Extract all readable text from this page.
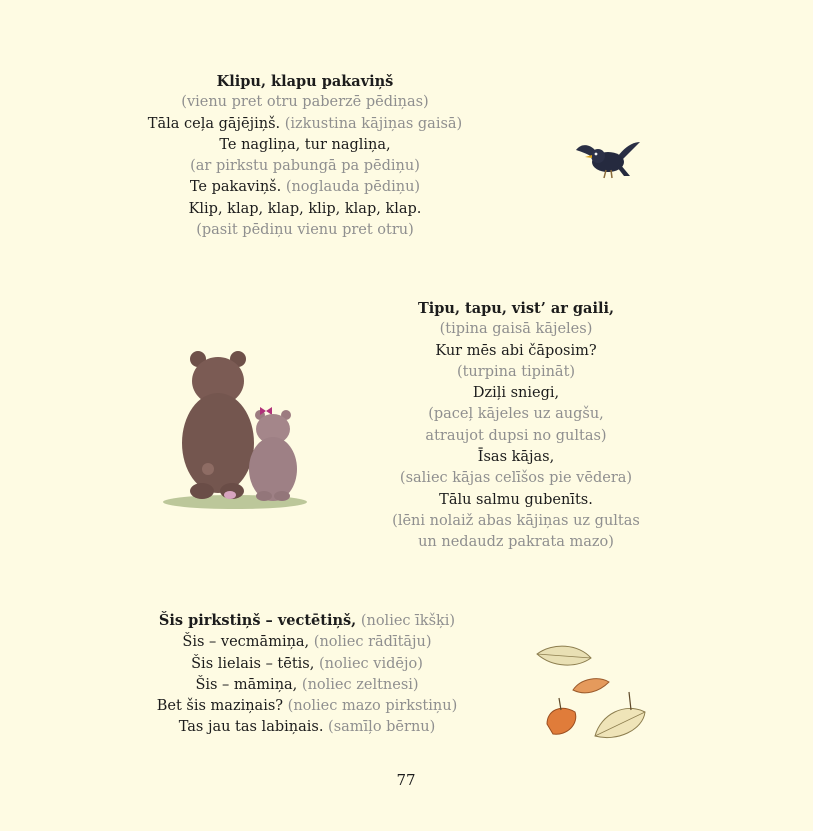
Klipu, klapu pakaviņš
(vienu pret otru paberzē pēdiņas)
Tāla ceļa gājējiņš. (izkustina kājiņas gaisā)
Te nagliņa, tur nagliņa,
(ar pirkstu pabungā pa pēdiņu)
Te pakaviņš. (noglauda pēdiņu)
Klip, klap, klap, klip, klap, klap.
(pasit pēdiņu vienu pret otru)
Tipu, tapu, vist’ ar gaili,
(tipina gaisā kājeles)
Kur mēs abi čāposim?
(turpina tipināt)
Dziļi sniegi,
(paceļ kājeles uz augšu,
atraujot dupsi no gultas)
Īsas kājas,
(saliec kājas celīšos pie vēdera)
Tālu salmu gubenīts.
(lēni nolaiž abas kājiņas uz gultas
un nedaudz pakrata mazo)
Šis pirkstiņš – vectētiņš, (noliec īkšķi)
Šis – vecmāmiņa, (noliec rādītāju)
Šis lielais – tētis, (noliec vidējo)
Šis – māmiņa, (noliec zeltnesi)
Bet šis maziņais? (noliec mazo pirkstiņu)
Tas jau tas labiņais. (samīļo bērnu)
77
